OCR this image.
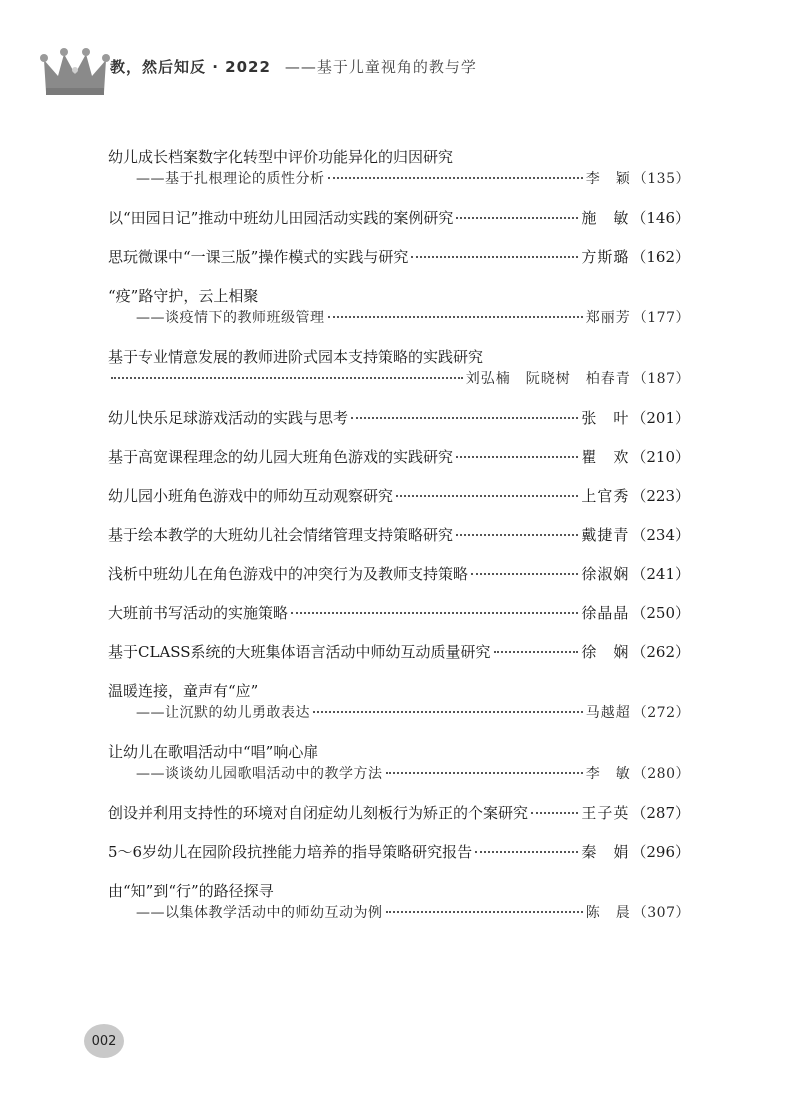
教，然后知反 · 2022 ——基于儿童视角的教与学
幼儿成长档案数字化转型中评价功能异化的归因研究
——基于扎根理论的质性分析	李　颖 （135）
以“田园日记”推动中班幼儿田园活动实践的案例研究	施　敏 （146）
思玩微课中“一课三版”操作模式的实践与研究	方斯璐 （162）
“疫”路守护，云上相聚
——谈疫情下的教师班级管理	郑丽芳 （177）
基于专业情意发展的教师进阶式园本支持策略的实践研究
刘弘楠　阮晓树　柏春青 （187）
幼儿快乐足球游戏活动的实践与思考	张　叶 （201）
基于高宽课程理念的幼儿园大班角色游戏的实践研究	瞿　欢 （210）
幼儿园小班角色游戏中的师幼互动观察研究	上官秀 （223）
基于绘本教学的大班幼儿社会情绪管理支持策略研究	戴捷青 （234）
浅析中班幼儿在角色游戏中的冲突行为及教师支持策略	徐淑娴 （241）
大班前书写活动的实施策略	徐晶晶 （250）
基于CLASS系统的大班集体语言活动中师幼互动质量研究	徐　娴 （262）
温暖连接，童声有“应”
——让沉默的幼儿勇敢表达	马越超 （272）
让幼儿在歌唱活动中“唱”响心扉
——谈谈幼儿园歌唱活动中的教学方法	李　敏 （280）
创设并利用支持性的环境对自闭症幼儿刻板行为矫正的个案研究	王子英 （287）
5～6岁幼儿在园阶段抗挫能力培养的指导策略研究报告	秦　娟 （296）
由“知”到“行”的路径探寻
——以集体教学活动中的师幼互动为例	陈　晨 （307）
002
